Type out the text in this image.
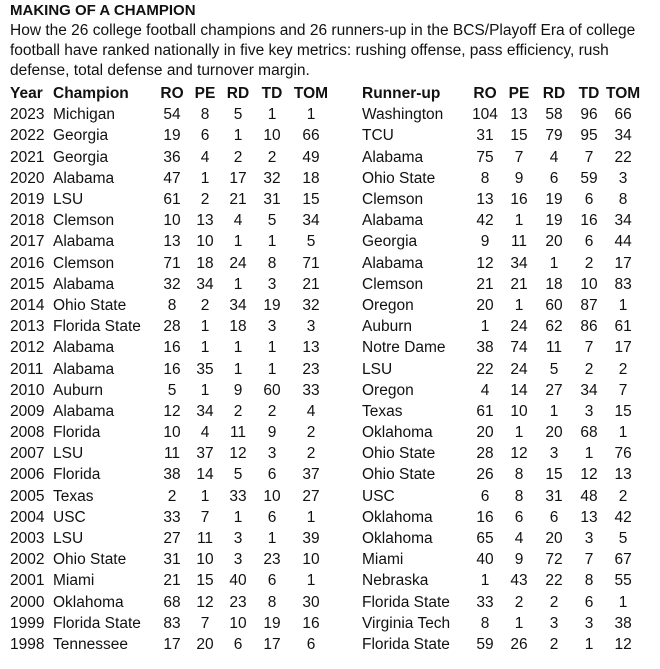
MAKING OF A CHAMPION
How the 26 college football champions and 26 runners-up in the BCS/Playoff Era of college football have ranked nationally in five key metrics: rushing offense, pass efficiency, rush defense, total defense and turnover margin.
Year	Champion	RO	PE	RD	TD	TOM		Runner-up	RO	PE	RD	TD	TOM
2023	Michigan	54	8	5	1	1		Washington	104	13	58	96	66
2022	Georgia	19	6	1	10	66		TCU	31	15	79	95	34
2021	Georgia	36	4	2	2	49		Alabama	75	7	4	7	22
2020	Alabama	47	1	17	32	18		Ohio State	8	9	6	59	3
2019	LSU	61	2	21	31	15		Clemson	13	16	19	6	8
2018	Clemson	10	13	4	5	34		Alabama	42	1	19	16	34
2017	Alabama	13	10	1	1	5		Georgia	9	11	20	6	44
2016	Clemson	71	18	24	8	71		Alabama	12	34	1	2	17
2015	Alabama	32	34	1	3	21		Clemson	21	21	18	10	83
2014	Ohio State	8	2	34	19	32		Oregon	20	1	60	87	1
2013	Florida State	28	1	18	3	3		Auburn	1	24	62	86	61
2012	Alabama	16	1	1	1	13		Notre Dame	38	74	11	7	17
2011	Alabama	16	35	1	1	23		LSU	22	24	5	2	2
2010	Auburn	5	1	9	60	33		Oregon	4	14	27	34	7
2009	Alabama	12	34	2	2	4		Texas	61	10	1	3	15
2008	Florida	10	4	11	9	2		Oklahoma	20	1	20	68	1
2007	LSU	11	37	12	3	2		Ohio State	28	12	3	1	76
2006	Florida	38	14	5	6	37		Ohio State	26	8	15	12	13
2005	Texas	2	1	33	10	27		USC	6	8	31	48	2
2004	USC	33	7	1	6	1		Oklahoma	16	6	6	13	42
2003	LSU	27	11	3	1	39		Oklahoma	65	4	20	3	5
2002	Ohio State	31	10	3	23	10		Miami	40	9	72	7	67
2001	Miami	21	15	40	6	1		Nebraska	1	43	22	8	55
2000	Oklahoma	68	12	23	8	30		Florida State	33	2	2	6	1
1999	Florida State	83	7	10	19	16		Virginia Tech	8	1	3	3	38
1998	Tennessee	17	20	6	17	6		Florida State	59	26	2	1	12
